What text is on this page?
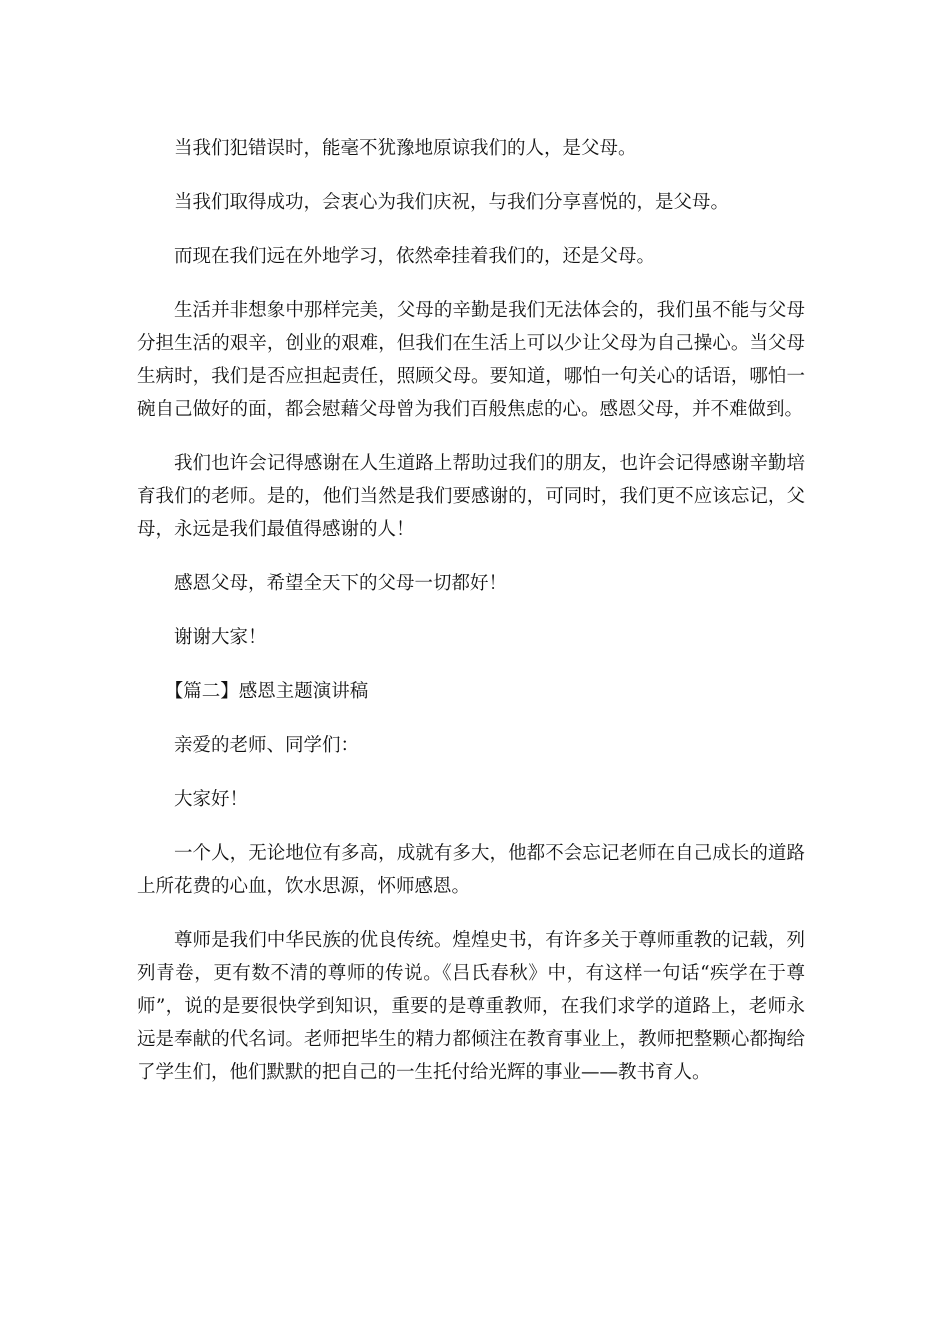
当我们犯错误时，能毫不犹豫地原谅我们的人，是父母。

当我们取得成功，会衷心为我们庆祝，与我们分享喜悦的，是父母。

而现在我们远在外地学习，依然牵挂着我们的，还是父母。

生活并非想象中那样完美，父母的辛勤是我们无法体会的，我们虽不能与父母分担生活的艰辛，创业的艰难，但我们在生活上可以少让父母为自己操心。当父母生病时，我们是否应担起责任，照顾父母。要知道，哪怕一句关心的话语，哪怕一碗自己做好的面，都会慰藉父母曾为我们百般焦虑的心。感恩父母，并不难做到。

我们也许会记得感谢在人生道路上帮助过我们的朋友，也许会记得感谢辛勤培育我们的老师。是的，他们当然是我们要感谢的，可同时，我们更不应该忘记，父母，永远是我们最值得感谢的人！

感恩父母，希望全天下的父母一切都好！

谢谢大家！

【篇二】感恩主题演讲稿

亲爱的老师、同学们：

大家好！

一个人，无论地位有多高，成就有多大，他都不会忘记老师在自己成长的道路上所花费的心血，饮水思源，怀师感恩。

尊师是我们中华民族的优良传统。煌煌史书，有许多关于尊师重教的记载，列列青卷，更有数不清的尊师的传说。《吕氏春秋》中，有这样一句话“疾学在于尊师”，说的是要很快学到知识，重要的是尊重教师，在我们求学的道路上，老师永远是奉献的代名词。老师把毕生的精力都倾注在教育事业上，教师把整颗心都掏给了学生们，他们默默的把自己的一生托付给光辉的事业——教书育人。
